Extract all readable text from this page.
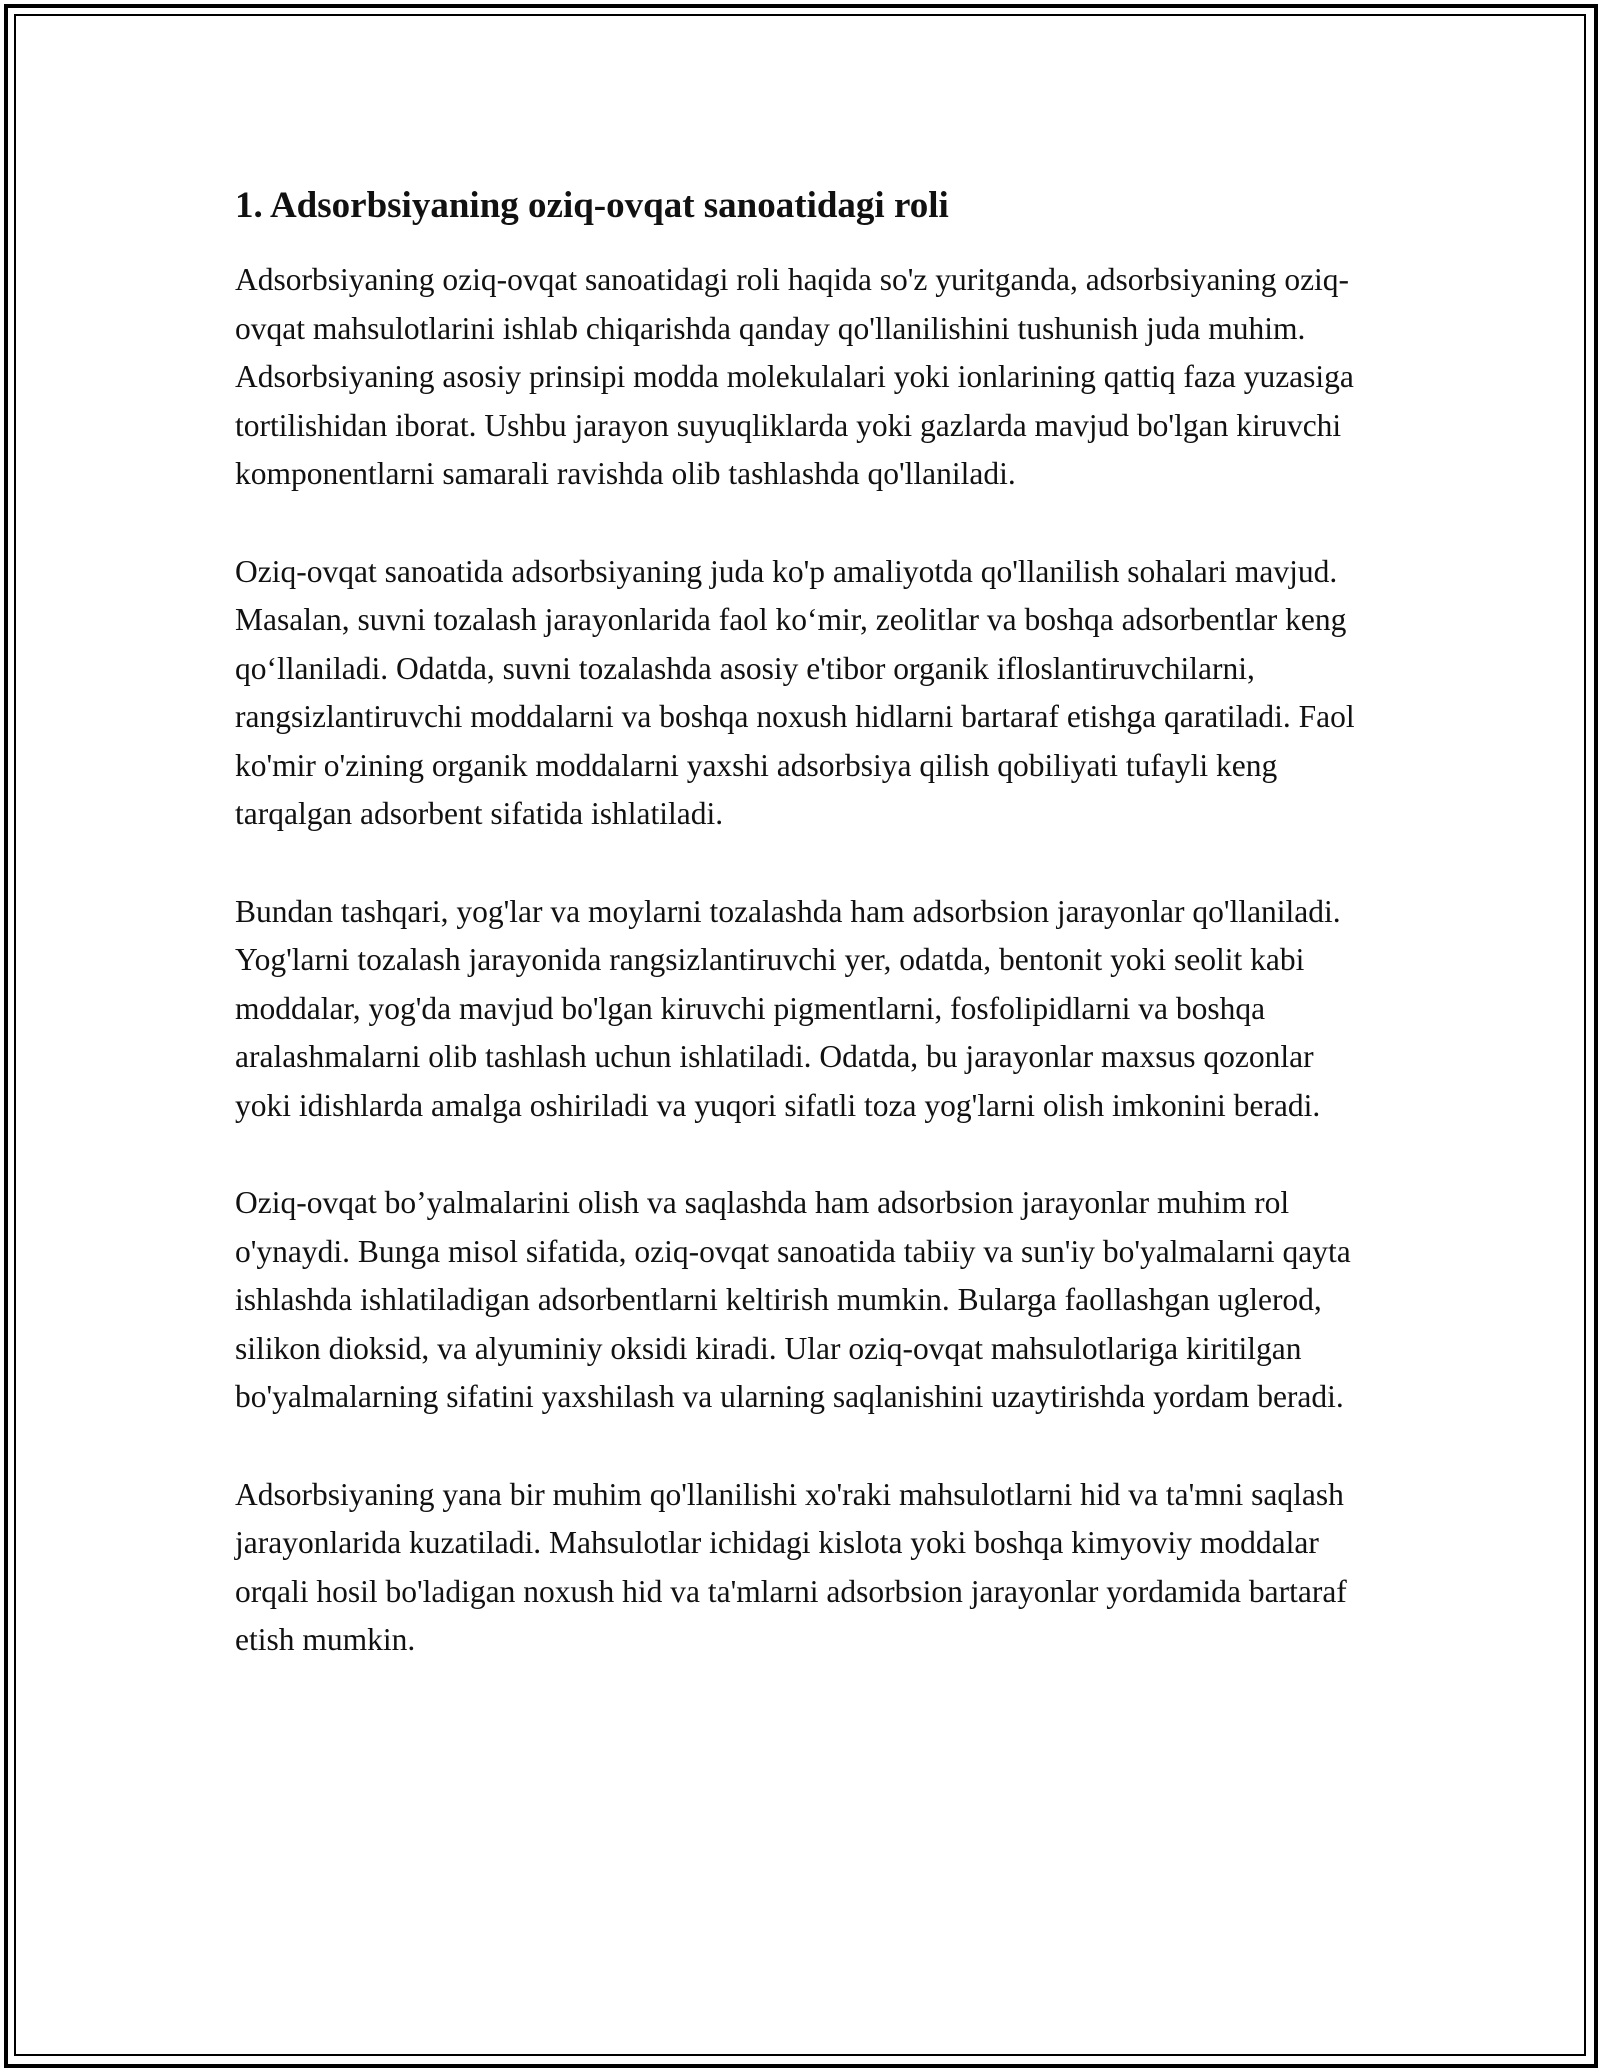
1. Adsorbsiyaning oziq-ovqat sanoatidagi roli

Adsorbsiyaning oziq-ovqat sanoatidagi roli haqida so'z yuritganda, adsorbsiyaning oziq-ovqat mahsulotlarini ishlab chiqarishda qanday qo'llanilishini tushunish juda muhim. Adsorbsiyaning asosiy prinsipi modda molekulalari yoki ionlarining qattiq faza yuzasiga tortilishidan iborat. Ushbu jarayon suyuqliklarda yoki gazlarda mavjud bo'lgan kiruvchi komponentlarni samarali ravishda olib tashlashda qo'llaniladi.

Oziq-ovqat sanoatida adsorbsiyaning juda ko'p amaliyotda qo'llanilish sohalari mavjud. Masalan, suvni tozalash jarayonlarida faol ko‘mir, zeolitlar va boshqa adsorbentlar keng qo‘llaniladi. Odatda, suvni tozalashda asosiy e'tibor organik ifloslantiruvchilarni, rangsizlantiruvchi moddalarni va boshqa noxush hidlarni bartaraf etishga qaratiladi. Faol ko'mir o'zining organik moddalarni yaxshi adsorbsiya qilish qobiliyati tufayli keng tarqalgan adsorbent sifatida ishlatiladi.

Bundan tashqari, yog'lar va moylarni tozalashda ham adsorbsion jarayonlar qo'llaniladi. Yog'larni tozalash jarayonida rangsizlantiruvchi yer, odatda, bentonit yoki seolit kabi moddalar, yog'da mavjud bo'lgan kiruvchi pigmentlarni, fosfolipidlarni va boshqa aralashmalarni olib tashlash uchun ishlatiladi. Odatda, bu jarayonlar maxsus qozonlar yoki idishlarda amalga oshiriladi va yuqori sifatli toza yog'larni olish imkonini beradi.

Oziq-ovqat bo’yalmalarini olish va saqlashda ham adsorbsion jarayonlar muhim rol o'ynaydi. Bunga misol sifatida, oziq-ovqat sanoatida tabiiy va sun'iy bo'yalmalarni qayta ishlashda ishlatiladigan adsorbentlarni keltirish mumkin. Bularga faollashgan uglerod, silikon dioksid, va alyuminiy oksidi kiradi. Ular oziq-ovqat mahsulotlariga kiritilgan bo'yalmalarning sifatini yaxshilash va ularning saqlanishini uzaytirishda yordam beradi.

Adsorbsiyaning yana bir muhim qo'llanilishi xo'raki mahsulotlarni hid va ta'mni saqlash jarayonlarida kuzatiladi. Mahsulotlar ichidagi kislota yoki boshqa kimyoviy moddalar orqali hosil bo'ladigan noxush hid va ta'mlarni adsorbsion jarayonlar yordamida bartaraf etish mumkin.
